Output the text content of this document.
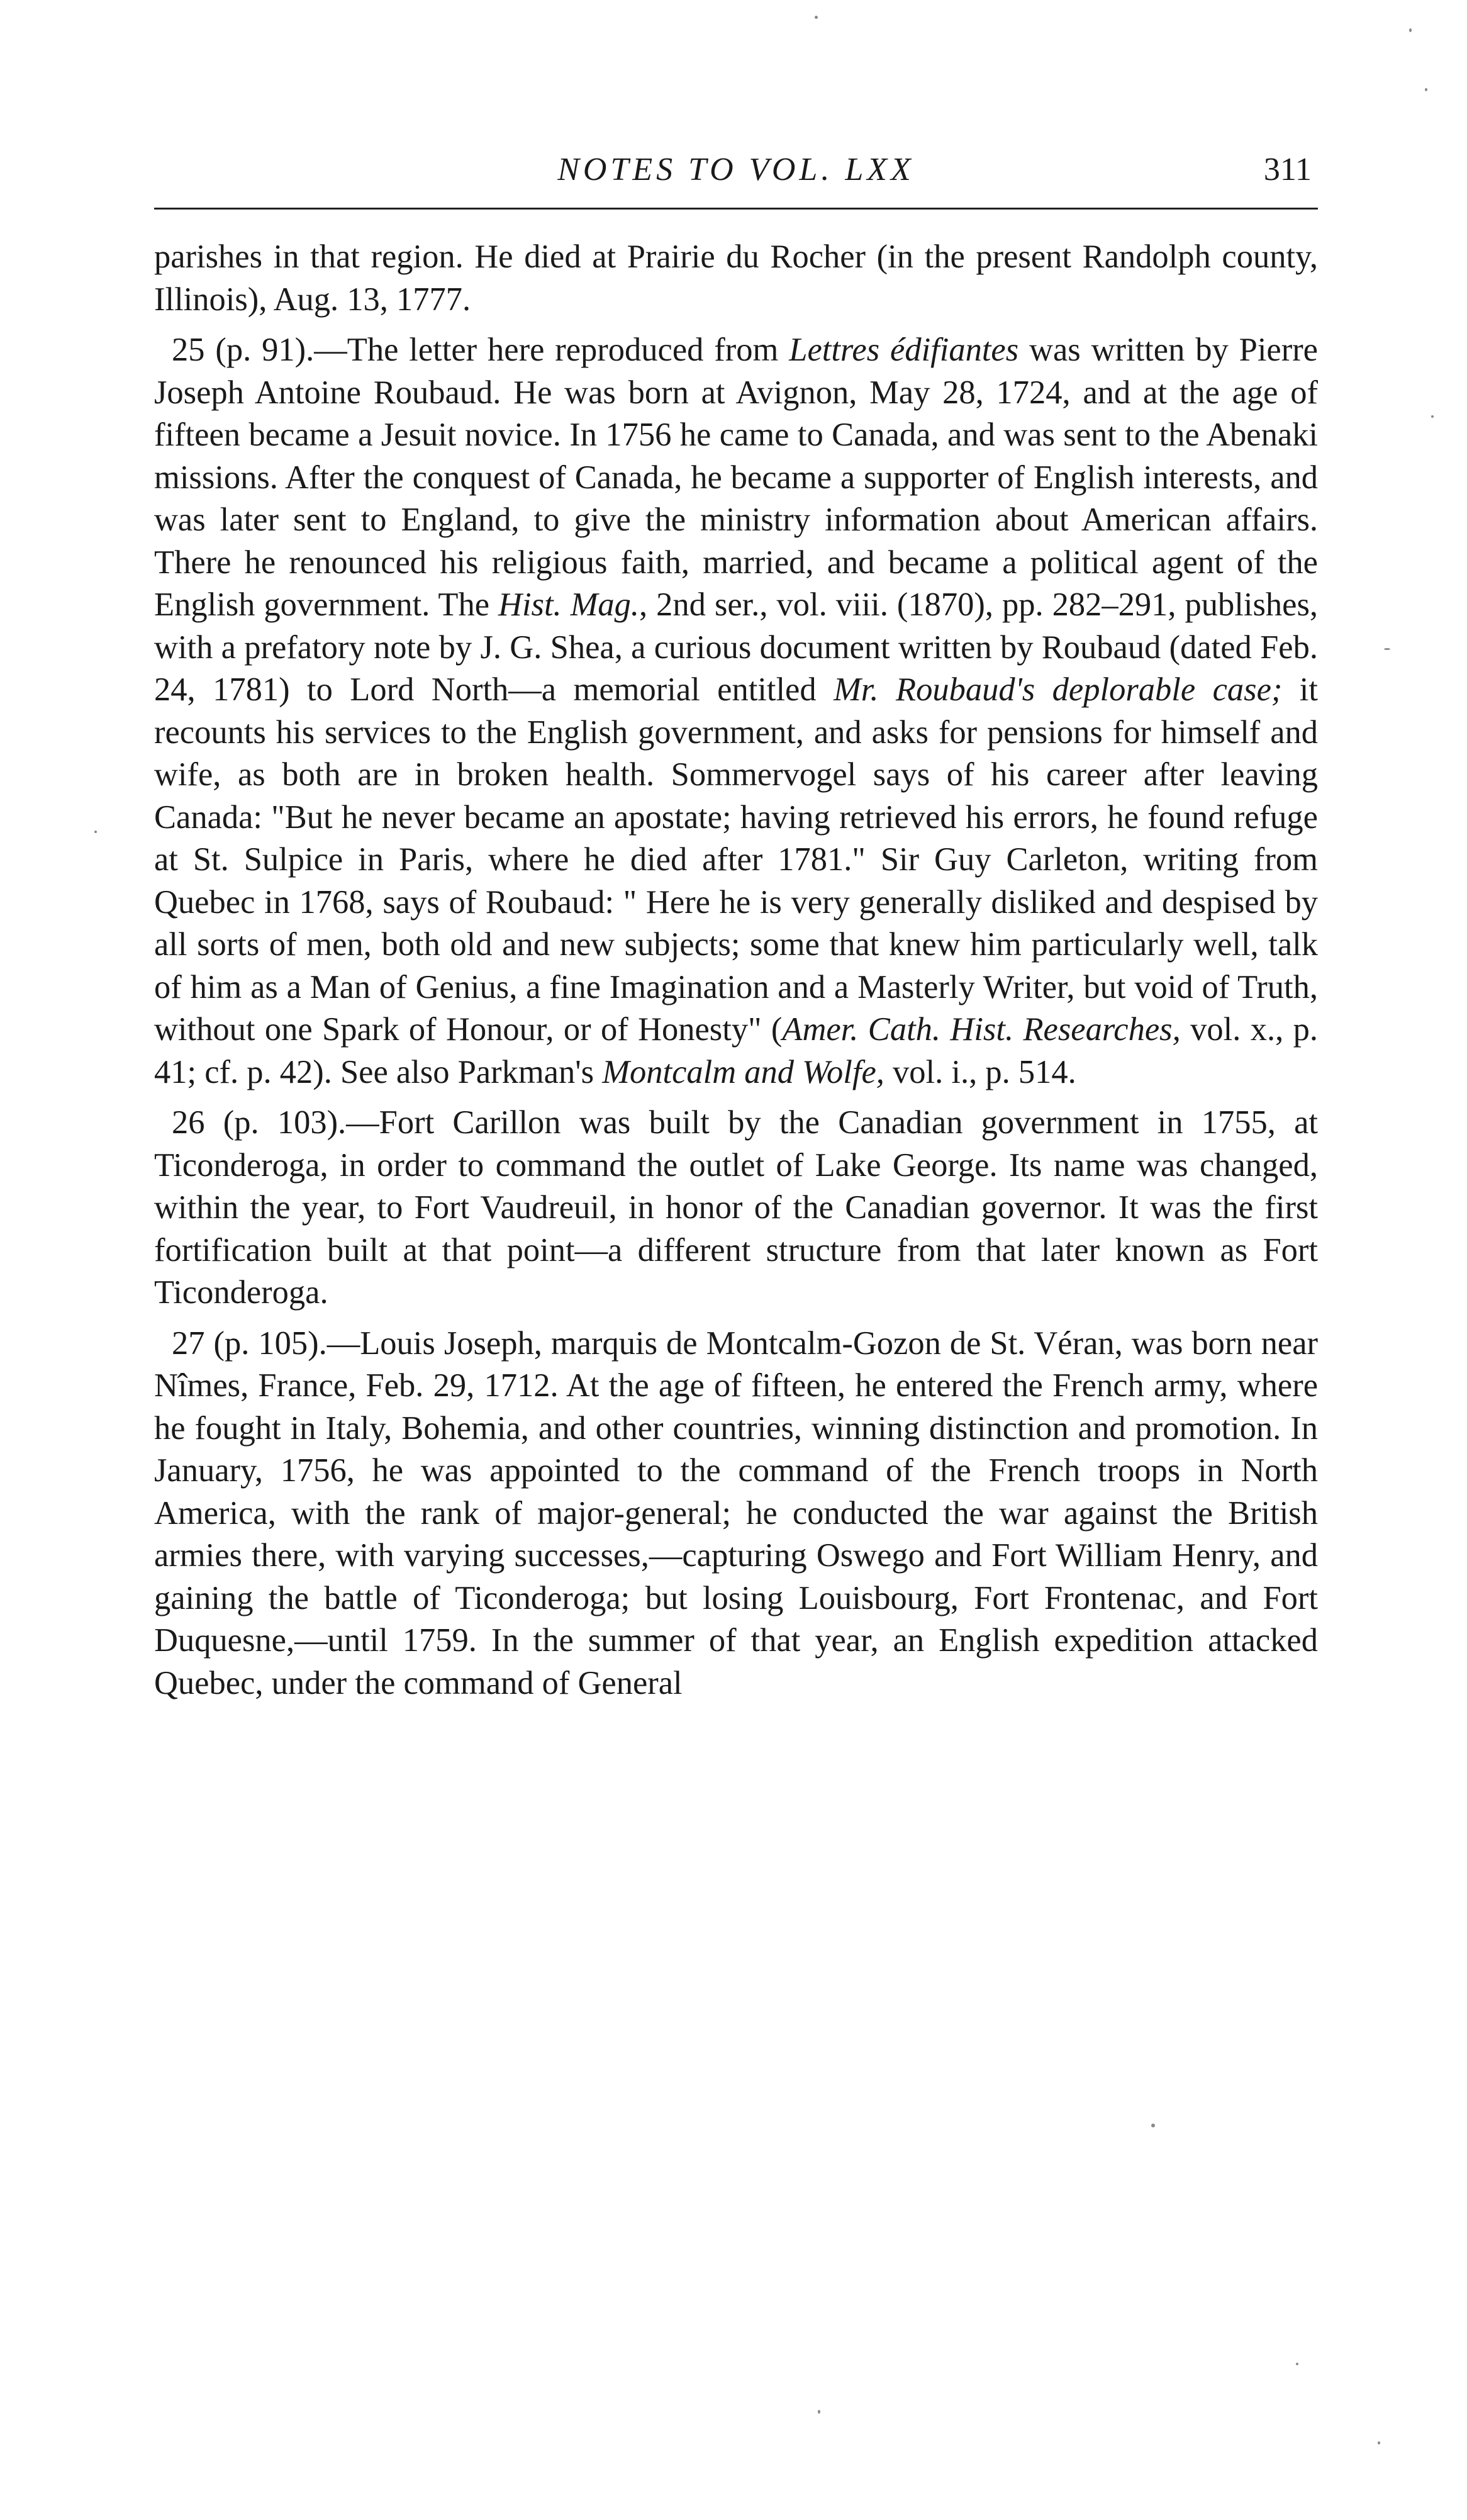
NOTES TO VOL. LXX	311

parishes in that region. He died at Prairie du Rocher (in the present Randolph county, Illinois), Aug. 13, 1777.

25 (p. 91).—The letter here reproduced from Lettres édifiantes was written by Pierre Joseph Antoine Roubaud. He was born at Avignon, May 28, 1724, and at the age of fifteen became a Jesuit novice. In 1756 he came to Canada, and was sent to the Abenaki missions. After the conquest of Canada, he became a supporter of English interests, and was later sent to England, to give the ministry information about American affairs. There he renounced his religious faith, married, and became a political agent of the English government. The Hist. Mag., 2nd ser., vol. viii. (1870), pp. 282–291, publishes, with a prefatory note by J. G. Shea, a curious document written by Roubaud (dated Feb. 24, 1781) to Lord North—a memorial entitled Mr. Roubaud's deplorable case; it recounts his services to the English government, and asks for pensions for himself and wife, as both are in broken health. Sommervogel says of his career after leaving Canada: "But he never became an apostate; having retrieved his errors, he found refuge at St. Sulpice in Paris, where he died after 1781." Sir Guy Carleton, writing from Quebec in 1768, says of Roubaud: " Here he is very generally disliked and despised by all sorts of men, both old and new subjects; some that knew him particularly well, talk of him as a Man of Genius, a fine Imagination and a Masterly Writer, but void of Truth, without one Spark of Honour, or of Honesty" (Amer. Cath. Hist. Researches, vol. x., p. 41; cf. p. 42). See also Parkman's Montcalm and Wolfe, vol. i., p. 514.

26 (p. 103).—Fort Carillon was built by the Canadian government in 1755, at Ticonderoga, in order to command the outlet of Lake George. Its name was changed, within the year, to Fort Vaudreuil, in honor of the Canadian governor. It was the first fortification built at that point—a different structure from that later known as Fort Ticonderoga.

27 (p. 105).—Louis Joseph, marquis de Montcalm-Gozon de St. Véran, was born near Nîmes, France, Feb. 29, 1712. At the age of fifteen, he entered the French army, where he fought in Italy, Bohemia, and other countries, winning distinction and promotion. In January, 1756, he was appointed to the command of the French troops in North America, with the rank of major-general; he conducted the war against the British armies there, with varying successes,—capturing Oswego and Fort William Henry, and gaining the battle of Ticonderoga; but losing Louisbourg, Fort Frontenac, and Fort Duquesne,—until 1759. In the summer of that year, an English expedition attacked Quebec, under the command of General
